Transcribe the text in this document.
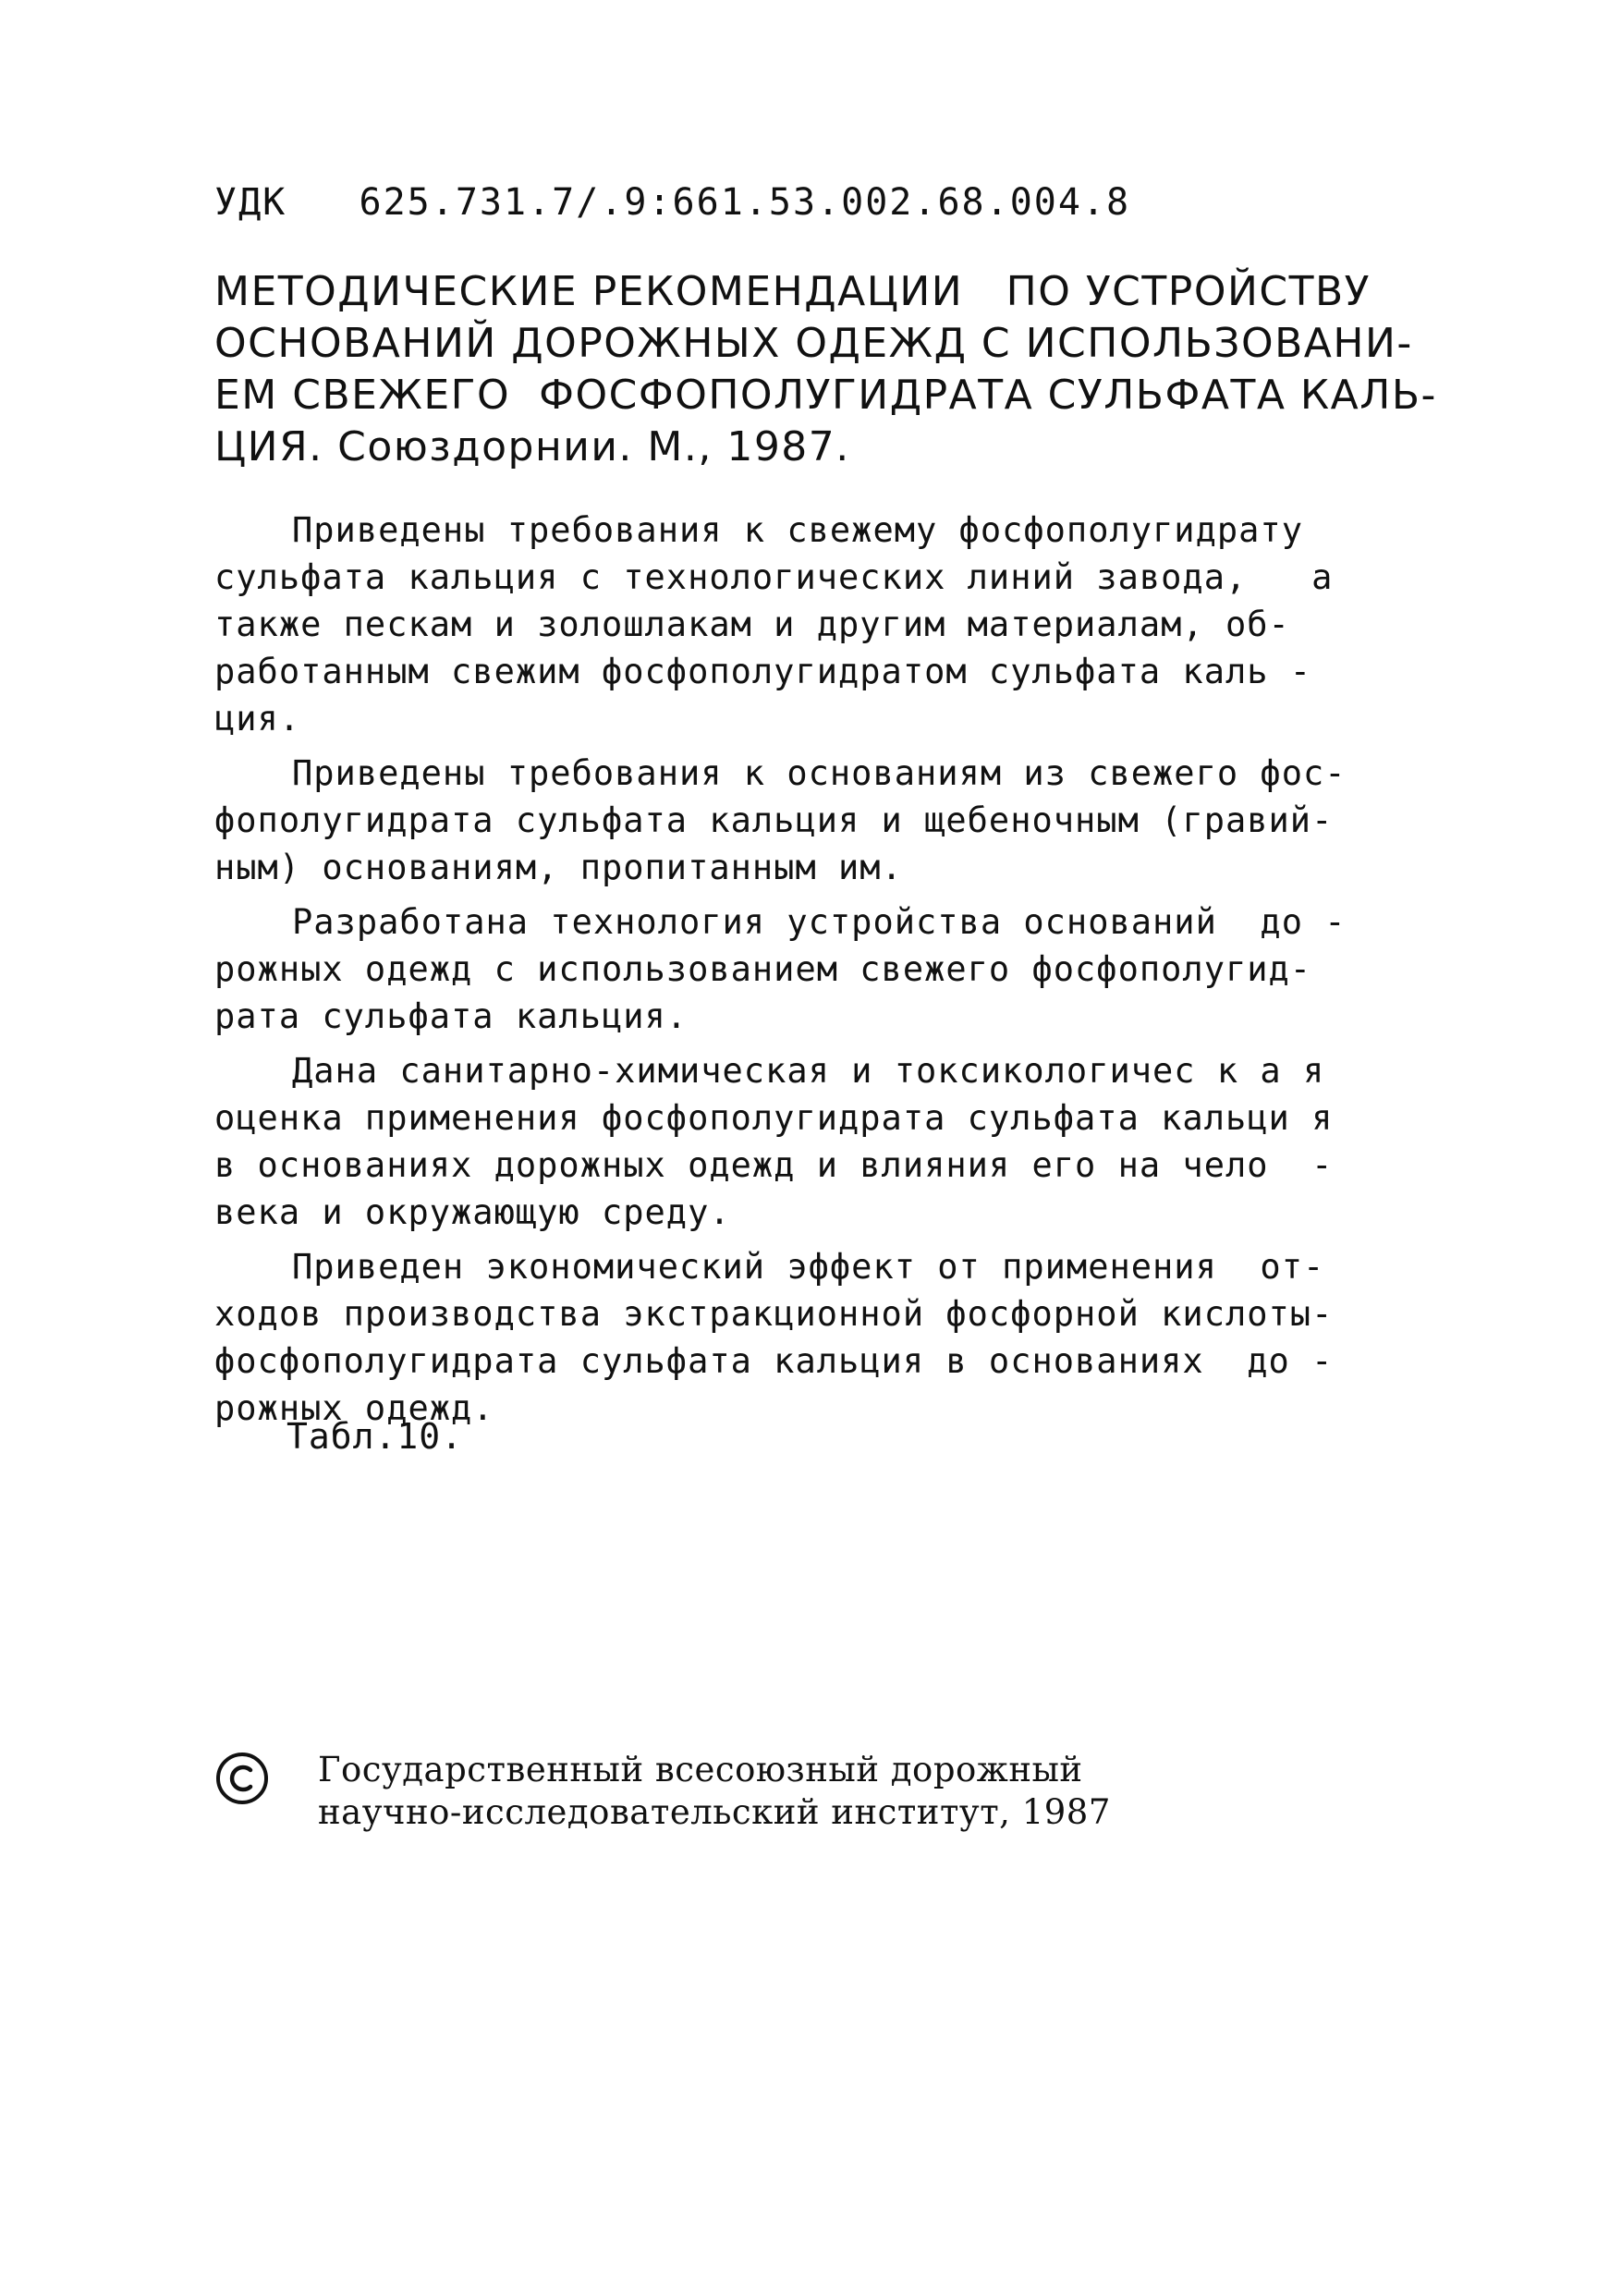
УДК   625.731.7/.9:661.53.002.68.004.8
МЕТОДИЧЕСКИЕ РЕКОМЕНДАЦИИ   ПО УСТРОЙСТВУ
ОСНОВАНИЙ ДОРОЖНЫХ ОДЕЖД С ИСПОЛЬЗОВАНИ-
ЕМ СВЕЖЕГО  ФОСФОПОЛУГИДРАТА СУЛЬФАТА КАЛЬ-
ЦИЯ. Союздорнии. М., 1987.
Приведены требования к свежему фосфополугидрату
сульфата кальция с технологических линий завода,   а
также пескам и золошлакам и другим материалам, об-
работанным свежим фосфополугидратом сульфата каль -
ция.
Приведены требования к основаниям из свежего фос-
фополугидрата сульфата кальция и щебеночным (гравий-
ным) основаниям, пропитанным им.
Разработана технология устройства оснований  до -
рожных одежд с использованием свежего фосфополугид-
рата сульфата кальция.
Дана санитарно-химическая и токсикологичес к а я
оценка применения фосфополугидрата сульфата кальци я
в основаниях дорожных одежд и влияния его на чело  -
века и окружающую среду.
Приведен экономический эффект от применения  от-
ходов производства экстракционной фосфорной кислоты-
фосфополугидрата сульфата кальция в основаниях  до -
рожных одежд.
Табл.10.
Государственный всесоюзный дорожный
научно-исследовательский институт, 1987
